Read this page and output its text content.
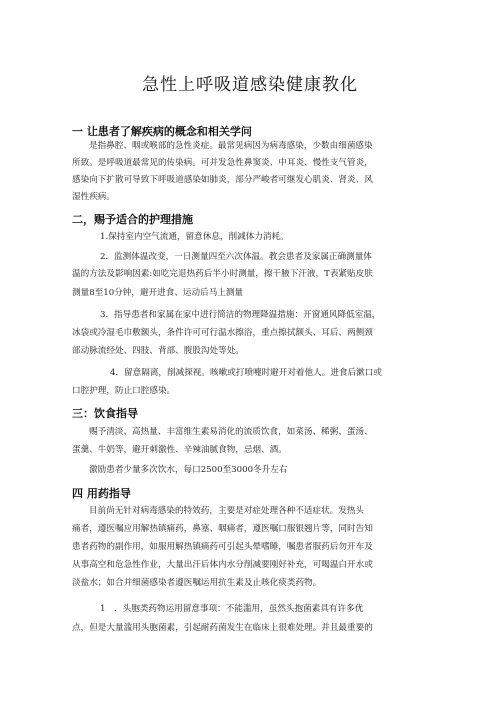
急性上呼吸道感染健康教化
一 让患者了解疾病的概念和相关学问
是指鼻腔、咽或喉部的急性炎症。最常见病因为病毒感染，少数由细菌感染
所致。是呼吸道最常见的传染病。可并发急性鼻窦炎、中耳炎、慢性支气管炎，
感染向下扩散可导致下呼吸道感染如肺炎，部分严峻者可继发心肌炎、肾炎、风
湿性疾病。
二，赐予适合的护理措施
1.保持室内空气流通，留意休息，削减体力消耗。
2．监测体温改变，一日测量四至六次体温。教会患者及家属正确测量体
温的方法及影响因素:如吃完退热药后半小时测量，擦干腋下汗液，T表紧贴皮肤
测量8至10分钟，避开进食、运动后马上测量
3．指导患者和家属在家中进行简洁的物理降温措施：开窗通风降低室温，
冰袋或冷湿毛巾敷额头，条件许可可行温水擦浴，重点擦拭额头、耳后、两侧颈
部动脉流经处、四肢、背部、腹股沟处等处。
4．留意隔离，削减探视。咳嗽或打喷嚏时避开对着他人。进食后漱口或
口腔护理，防止口腔感染。
三：饮食指导
赐予清淡、高热量、丰富维生素易消化的流质饮食，如菜汤、稀粥、蛋汤、
蛋羹、牛奶等，避开刺激性、辛辣油腻食物，忌烟、酒。
激励患者少量多次饮水，每口2500至3000冬升左右
四 用药指导
目前尚无针对病毒感染的特效药，主要是对症处理各种不适症状。发热头
痛者，遵医嘱应用解热镇痛药，鼻塞、咽痛者，遵医嘱口服银翘片等，同时告知
患者药物的副作用，如服用解热镇痛药可引起头晕嗜睡，嘱患者服药后勿开车及
从事高空和危急性作业，大量出汗后体内水分削减要刚好补充，可喝温白开水或
淡盐水；如合并细菌感染者遵医嘱运用抗生素及止咳化痰类药物。
1　．头胞类药物运用留意事项：不能滥用，虽然头抱菌素具有许多优
点，但是大量滥用头胞菌素，引起耐药菌发生在临床上很难处理。并且最重要的
